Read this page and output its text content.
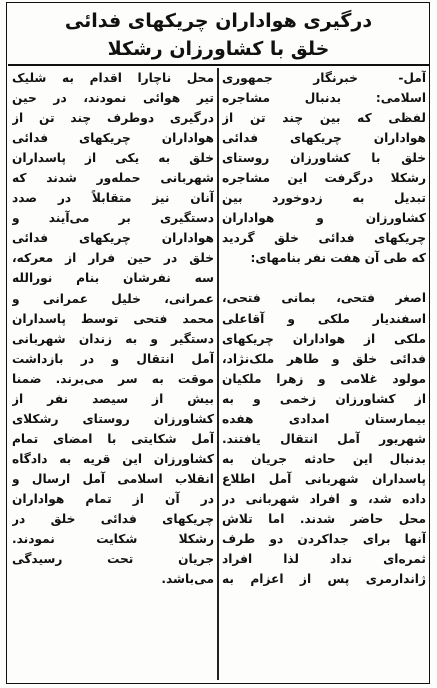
درگیری هواداران چریکهای فدائی
خلق با کشاورزان رشکلا
آمل- خبرنگار جمهوری
اسلامی: بدنبال مشاجره
لفظی که بین چند تن از
هواداران چریکهای فدائی
خلق با کشاورزان روستای
رشکلا درگرفت این مشاجره
تبدیل به زدوخورد بین
کشاورزان و هواداران
چریکهای فدائی خلق گردید
که طی آن هفت نفر بنامهای:
اصغر فتحی، بمانی فتحی،
اسفندیار ملکی و آقاعلی
ملکی از هواداران چریکهای
فدائی خلق و طاهر ملک‌نژاد،
مولود غلامی و زهرا ملکیان
از کشاورزان زخمی و به
بیمارستان امدادی هفده
شهریور آمل انتقال یافتند.
بدنبال این حادثه جریان به
پاسداران شهربانی آمل اطلاع
داده شد، و افراد شهربانی در
محل حاضر شدند. اما تلاش
آنها برای جداکردن دو طرف
ثمره‌ای نداد لذا افراد
ژاندارمری پس از اعزام به
محل ناچارا اقدام به شلیک
تیر هوائی نمودند، در حین
درگیری دوطرف چند تن از
هواداران چریکهای فدائی
خلق به یکی از پاسداران
شهربانی حمله‌ور شدند که
آنان نیز متقابلاً در صدد
دستگیری بر می‌آیند و
هواداران چریکهای فدائی
خلق در حین فرار از معرکه،
سه نفرشان بنام نورالله
عمرانی، خلیل عمرانی و
محمد فتحی توسط پاسداران
دستگیر و به زندان شهربانی
آمل انتقال و در بازداشت
موقت به سر می‌برند. ضمنا
بیش از سیصد نفر از
کشاورزان روستای رشکلای
آمل شکایتی با امضای تمام
کشاورزان این قریه به دادگاه
انقلاب اسلامی آمل ارسال و
در آن از تمام هواداران
چریکهای فدائی خلق در
رشکلا شکایت نمودند.
جریان تحت رسیدگی
می‌باشد.
